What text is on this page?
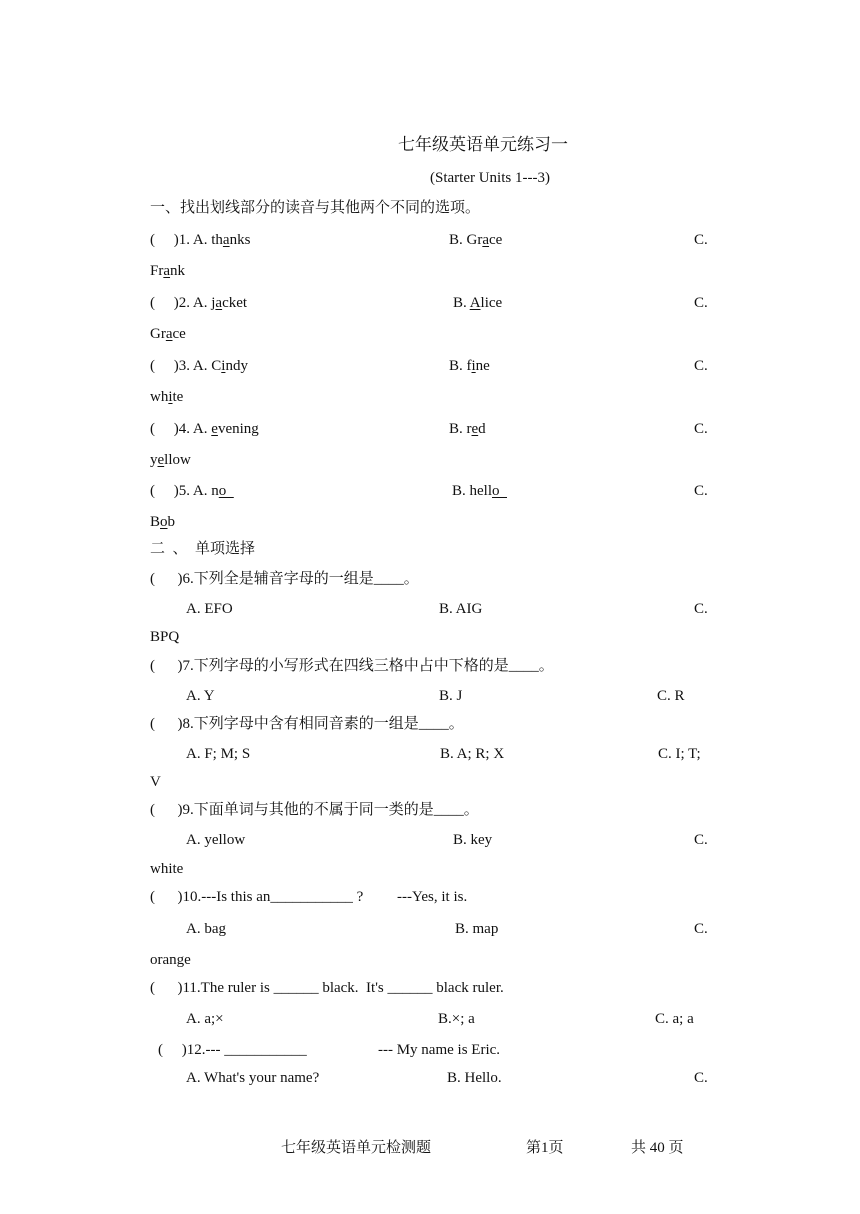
七年级英语单元练习一
(Starter Units 1---3)
一、找出划线部分的读音与其他两个不同的选项。
(     )1. A. thanks	B. Grace	C.
Frank
(     )2. A. jacket	B. Alice	C.
Grace
(     )3. A. Cindy	B. fine	C.
white
(     )4. A. evening	B. red	C.
yellow
(     )5. A. no	B. hello	C.
Bob
二  、  单项选择
(      )6.下列全是辅音字母的一组是____。
A. EFO	B. AIG	C.
BPQ
(      )7.下列字母的小写形式在四线三格中占中下格的是____。
A. Y	B. J	C. R
(      )8.下列字母中含有相同音素的一组是____。
A. F; M; S	B. A; R; X	C. I; T;
V
(      )9.下面单词与其他的不属于同一类的是____。
A. yellow	B. key	C.
white
(      )10.---Is this an___________ ?         ---Yes, it is.
A. bag	B. map	C.
orange
(      )11.The ruler is ______ black.  It's ______ black ruler.
A. a;×	B.×; a	C. a; a
(     )12.--- ___________                   --- My name is Eric.
A. What's your name?	B. Hello.	C.
七年级英语单元检测题	第1页	共 40 页
